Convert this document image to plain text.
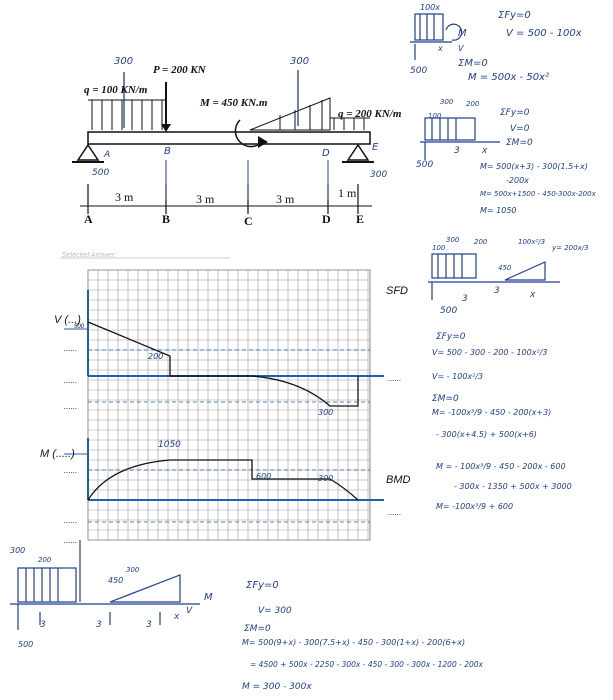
q = 100 KN/m
P = 200 KN
M = 450 KN.m
q = 200 KN/m
3 m	3 m	3 m	1 m
A	B	C	D E
300	300
B	D
E
A
500	300
Selected Answer:
SFD
V (...)
500
200
300
......
......
......
......
BMD
M (.....)
1050
600	300
......
......
......
......
100x
M
x V
500
ΣFy=0
V = 500 - 100x
ΣM=0
M = 500x - 50x²
300 200
100
500
3 x
ΣFy=0
V=0
ΣM=0
M= 500(x+3) - 300(1.5+x)
-200x
M= 500x+1500 - 450-300x-200x
M= 1050
300 200
100
450
500
3
3	x
100x²/3
y= 200x/3
ΣFy=0
V= 500 - 300 - 200 - 100x²/3
V= - 100x²/3
ΣM=0
M= -100x³/9 - 450 - 200(x+3)
- 300(x+4.5) + 500(x+6)
M = - 100x³/9 - 450 - 200x - 600
- 300x - 1350 + 500x + 3000
M= -100x³/9 + 600
300
200
450
300
500
3	3	3
x
M
V
ΣFy=0
V= 300
ΣM=0
M= 500(9+x) - 300(7.5+x) - 450 - 300(1+x) - 200(6+x)
= 4500 + 500x - 2250 - 300x - 450 - 300 - 300x - 1200 - 200x
M = 300 - 300x
